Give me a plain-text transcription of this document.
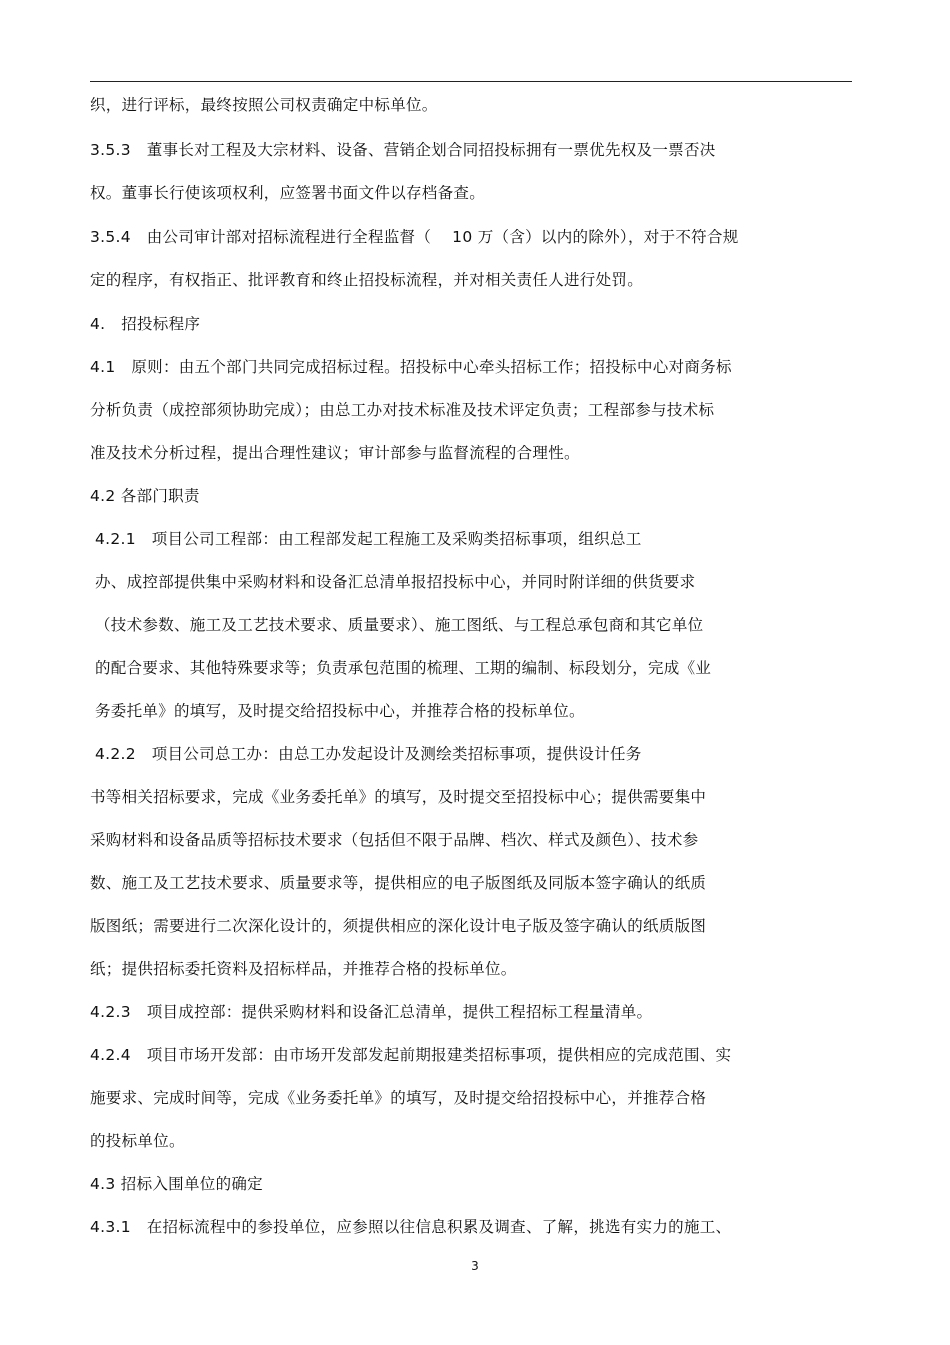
织，进行评标，最终按照公司权责确定中标单位。
3.5.3　董事长对工程及大宗材料、设备、营销企划合同招投标拥有一票优先权及一票否决
权。董事长行使该项权利，应签署书面文件以存档备查。
3.5.4　由公司审计部对招标流程进行全程监督（　 10 万（含）以内的除外），对于不符合规
定的程序，有权指正、批评教育和终止招投标流程，并对相关责任人进行处罚。
4.　招投标程序
4.1　原则：由五个部门共同完成招标过程。招投标中心牵头招标工作；招投标中心对商务标
分析负责（成控部须协助完成）；由总工办对技术标准及技术评定负责；工程部参与技术标
准及技术分析过程，提出合理性建议；审计部参与监督流程的合理性。
4.2 各部门职责
4.2.1　项目公司工程部：由工程部发起工程施工及采购类招标事项，组织总工
办、成控部提供集中采购材料和设备汇总清单报招投标中心，并同时附详细的供货要求
（技术参数、施工及工艺技术要求、质量要求）、施工图纸、与工程总承包商和其它单位
的配合要求、其他特殊要求等；负责承包范围的梳理、工期的编制、标段划分，完成《业
务委托单》的填写，及时提交给招投标中心，并推荐合格的投标单位。
4.2.2　项目公司总工办：由总工办发起设计及测绘类招标事项，提供设计任务
书等相关招标要求，完成《业务委托单》的填写，及时提交至招投标中心；提供需要集中
采购材料和设备品质等招标技术要求（包括但不限于品牌、档次、样式及颜色）、技术参
数、施工及工艺技术要求、质量要求等，提供相应的电子版图纸及同版本签字确认的纸质
版图纸；需要进行二次深化设计的，须提供相应的深化设计电子版及签字确认的纸质版图
纸；提供招标委托资料及招标样品，并推荐合格的投标单位。
4.2.3　项目成控部：提供采购材料和设备汇总清单，提供工程招标工程量清单。
4.2.4　项目市场开发部：由市场开发部发起前期报建类招标事项，提供相应的完成范围、实
施要求、完成时间等，完成《业务委托单》的填写，及时提交给招投标中心，并推荐合格
的投标单位。
4.3 招标入围单位的确定
4.3.1　在招标流程中的参投单位，应参照以往信息积累及调查、了解，挑选有实力的施工、
3
